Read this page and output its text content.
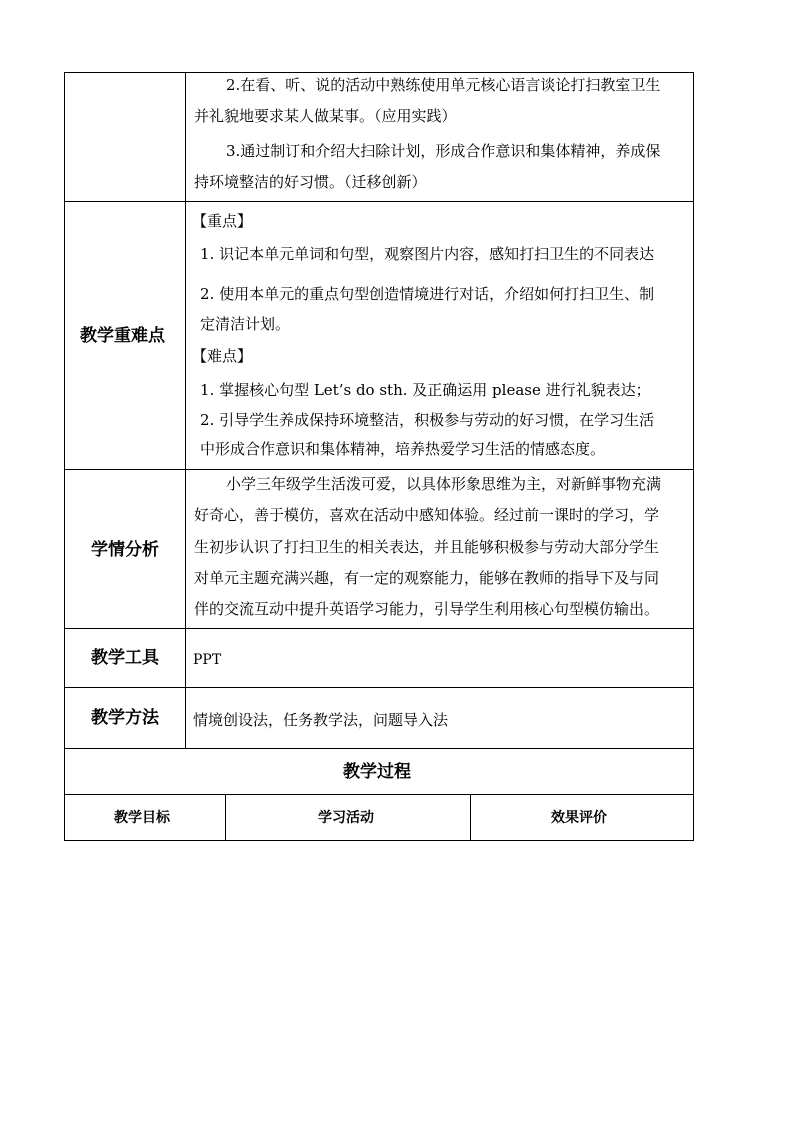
2.在看、听、说的活动中熟练使用单元核心语言谈论打扫教室卫生
并礼貌地要求某人做某事。（应用实践）
3.通过制订和介绍大扫除计划，形成合作意识和集体精神，养成保
持环境整洁的好习惯。（迁移创新）
教学重难点
【重点】
1. 识记本单元单词和句型，观察图片内容，感知打扫卫生的不同表达
2. 使用本单元的重点句型创造情境进行对话，介绍如何打扫卫生、制
定清洁计划。
【难点】
1. 掌握核心句型 Let’s do sth. 及正确运用 please 进行礼貌表达；
2. 引导学生养成保持环境整洁，积极参与劳动的好习惯，在学习生活
中形成合作意识和集体精神，培养热爱学习生活的情感态度。
学情分析
小学三年级学生活泼可爱，以具体形象思维为主，对新鲜事物充满
好奇心，善于模仿，喜欢在活动中感知体验。经过前一课时的学习，学
生初步认识了打扫卫生的相关表达，并且能够积极参与劳动大部分学生
对单元主题充满兴趣，有一定的观察能力，能够在教师的指导下及与同
伴的交流互动中提升英语学习能力，引导学生利用核心句型模仿输出。
教学工具 PPT
教学方法 情境创设法，任务教学法，问题导入法
教学过程
教学目标	学习活动	效果评价
